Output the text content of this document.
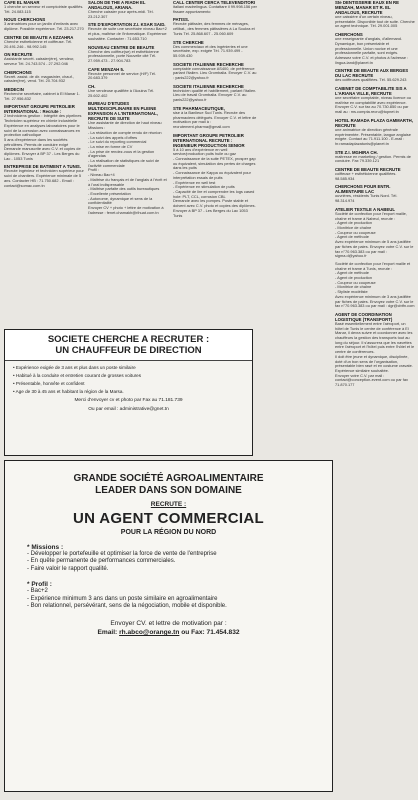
CAFE EL MANAR
1 cherche un serveur et comptoiriste qualifiés. Tél. 24.083.115
NOUS CHERCHONS
3 animatrices pour un jardin d'enfants avec diplôme. Possible expérience. Tél. 23.217.270
CENTRE DE BEAUTE A EZZAHRA
Cherche estheticienne et coiffeuse. Tél. 20.491.246 - 98.992.145
ON RECRUTE
Assistante secrét. caissier(ère), vendeur, serveur Tél. 24.743.574 - 27.292.046
CHERCHONS
Secrét. assist. de dir. magasinier, chauf., caissier(ère), vend. Tél. 20.704.932
MEDECIN
Recherche secrétaire, cabinet à El Manar 1. Tél. 27.956.832
IMPORTANT GROUPE PETROLIER INTERNATIONAL : Recrute :
2 techniciens gestion : Intégrité des pipelines
Technicien supérieur en chimie industrielle
Expérience en analyses laboratoires pour le suivi de la corrosion avec connaissances en protection cathodique
5 ans d'expérience dans les sociétés pétrolières. Permis de conduire exigé
Demande manuscrite avec C.V. et copies de diplômes. Envoyer à BP 37 - Les Berges du Lac - 1053 Tunis
ENTREPRISE DE BATIMENT A TUNIS.
Recrute ingénieur et technicien supérieur pour suivi de chantiers. Expérience minimale de 5 ans. Contacter HB : 71.750.682 - Email : contact@somac.com.tn
SALON DE THE A RIADH EL ANDALOUS, ARIANA.
Cherche caissier pour après-midi. Tél. 23.212.307
STE D'EXPORTATION Z.I. KSAR SAID.
Recrute de suite une secrétaire niveau Bac+2 et plus, maîtrise de l'informatique. Expérience souhaitée. Contacter : 71.653.710
NOUVEAU CENTRE DE BEAUTE
Cherche des coiffeur(se) et esthéticienne professionnelle, porte Nouvelle cité Tél. 27.959.473 - 27.904.783
CAFE MENZAH 5.
Recrute personnel de service (H/F) Tél. 20.683.379
CH.
Une vendeuse qualifiée à l'Aouina Tél. 25.602.402
BUREAU D'ETUDES MULTIDISCIPLINAIRE EN PLEINE EXPANSION A L'INTERNATIONAL, RECRUTE DE SUITE
Une assistante de direction de haut niveau
Missions :
- La rédaction de compte rendu de réunion
- La suivi des appels d'offres
- Le suivi du reporting commercial
- La mise en forme de CV
- La prise de rendez-vous et la gestion d'agendas
- La réalisation de statistiques de suivi de l'activité commerciale
Profil :
- Niveau Bac+4
- Maîtrise du français et de l'anglais à l'écrit et à l'oral indispensable
- Maîtrise parfaite des outils bureautiques
- Excellente présentation
- Autonome, dynamique et sens de la confidentialité
Envoyer CV + photo + lettre de motivation à l'adresse : fenet.chamakh@rihuat.com.tn
CALL CENTER CERCA TELEVENDITORI
italiani madrelingua. Contattare il 99.998.156 per fissare appuntamento
PATISS.
Recrute pâtissier, des femmes de ménages, célibat., des femmes pâtissières à La Soukra et Tunis Tél. 25.868.607 - 25.060.609
STE CHERCHE
Des commerciaux et des ingénieries et une secrétaire, exp. exigée Tél. 71.939.499 - 55.939.430
SOCIETE ITALIENNE RECHERCHE
comptable connaissance AS400, de préférence parlant l'italien. Lieu Grombalia. Envoyer C.V. au : yanis222@yahoo.fr
SOCIETE ITALIENNE RECHERCHE
technicien qualité et habillement, parlant l'italien. Lieu de travail Grombalia. Envoyer C.V. au yanis222@yahoo.fr
STE PHARMACEUTIQUE,
sise à la Banlieue Sud Tunis. Recrute des pharmaciens délégués. Envoyer C.V. et lettre de motivation par mail à : recrutement.pharma@gmail.com
IMPORTANT GROUPE PETROLIER INTERNATIONAL RECRUTE : INGENIEUR PRODUCTION SENIOR
5 à 10 ans d'expérience en well service/production puits huile ou gaz
- Connaissance de la suite PETEX, prosper gap ou équivalent, simulation des pertes de charges dans les puits
- Connaissance de Kappa ou équivalent pour interprétation essais de puits
- Expérience en well test
- Expérience en stimulation de puits
- Capacité de lire et comprendre les logs cased hole: PLT, CCL, corrosion CBL
Demande avec les pompes. Poste stable et doivent avec C.V. photo et copies des diplômes. Envoyer à BP 37 - Les Berges du Lac 1053 Tunis
Ste DENTISSERIE EAUX EN RE MENZAH, MANAR ET R. EL ANDALOUS, RECRUTE
une caissière d'un certain niveau, présentable. Disponible tout de suite. Cherche un agent technique. Tél. 29.001.005
CHERCHONS
une enseignante d'anglais, d'allemand. Dynamique, bon présentable et professionnelle. Union novice et une professionnelle parfaite, sont exigés. Adressez votre C.V. et photos à l'adresse : lingua-land@planet.tn
CENTRE DE BEAUTE AUX BERGES DU LAC RECRUTE
des coiffeuses qualifiées. Tél. 55.629.243
CABINET DE COMPTABILITE SIS A L'ARIANA VILLE, RECRUTE
une secrétaire comptable, niveau licence ou maîtrise en comptabilité avec expérience. Envoyer C.V. sur fax au 70.730.850 ou par mail au : ms.compta.recru@topnet.tn
HOTEL RAMADA PLAZA GAMMARTH, RECRUTE
une animatrice de direction générale expérimentée. Présentable, langue anglaise exigée. Contact au 71.911.100 - E-mail : hr.ramadaplazatunis@planet.tn
STE Z.I. MGHIRA CH.
maitresse en marketing / gestion. Permis de conduire. Fax 79.339.121
CENTRE DE BEAUTE RECRUTE
coiffeuse + esthéticienne qualifiées. 98.585.934
CHERCHONS POUR ENTR. ALIMENTAIRE LAC
ouvrières, résidents Tunis Nord. Tél. 98.314.974
ATELIER TEXTILE A NABEUL
Société de confection pour l'export maille, chaîne et trame à Nabeul, recrute :
- Agent de production
- Monitrice de chaîne
- Coupeur ou coupeuse
- Agent de méthode
Avec expérience minimum de 5 ans justifiée par fiches de paies. Envoyez votre C.V. sur le fax n°70.963.383 ou par mail : sigma.d@yahoo.fr
Société de confection pour l'export maille et chaîne et trame à Tunis, recrute :
- Agent de méthode
- Agent de production
- Coupeur ou coupeuse
- Monitrice de chaîne
- Styliste modéliste
Avec expérience minimum de 3 ans justifiée par fiches de paies. Envoyez votre C.V. sur le fax n°70.963.383 ou par mail : dgr@cbtfn.com
AGENT DE COORDINATION LOGISTIQUE (TRANSPORT)
Basé essentiellement entre l'aéroport, un hôtel de Tunis le centre de conférence à El Manar, il devra suivre et coordonner avec les chauffeurs la gestion des transports tout au long du séjour. Il s'assurera que les navettes entre l'aéroport et l'hôtel puis entre l'hôtel et le centre de conférences.
Il doit être jeune et dynamique, disciplinée, doté d'un bon sens de l'organisation, présentable bien rasé et en costume cravate.
Expérience similaire souhaitée.
Envoyer votre C.V. par mail : contact@conception-event.com ou par fax 71.870.177
SOCIETE CHERCHE A RECRUTER :
UN CHAUFFEUR DE DIRECTION
• Expérience exigée de 3 ans et plus dans un poste similaire
• Habitué à la conduite et entretien courant de grosses voitures
• Présentable, honnête et confident
• Age de 30 à 45 ans et habitant la région de la Marsa.
Merci d'envoyer cv et photo par Fax au 71.181.739
Ou par email : administrative@gnet.tn
GRANDE SOCIÉTÉ AGROALIMENTAIRE
LEADER DANS SON DOMAINE
RECRUTE :
UN AGENT COMMERCIAL
POUR LA RÉGION DU NORD
* Missions :
- Développer le portefeuille et optimiser la force de vente de l'entreprise
- En quête permanente de performances commerciales.
- Faire valoir le rapport qualité.
* Profil :
- Bac+2
- Expérience minimum 3 ans dans un poste similaire en agroalimentaire
- Bon relationnel, persévérant, sens de la négociation, mobile et disponible.
Envoyer CV. et lettre de motivation par :
Email: rh.abco@orange.tn ou Fax: 71.454.832
